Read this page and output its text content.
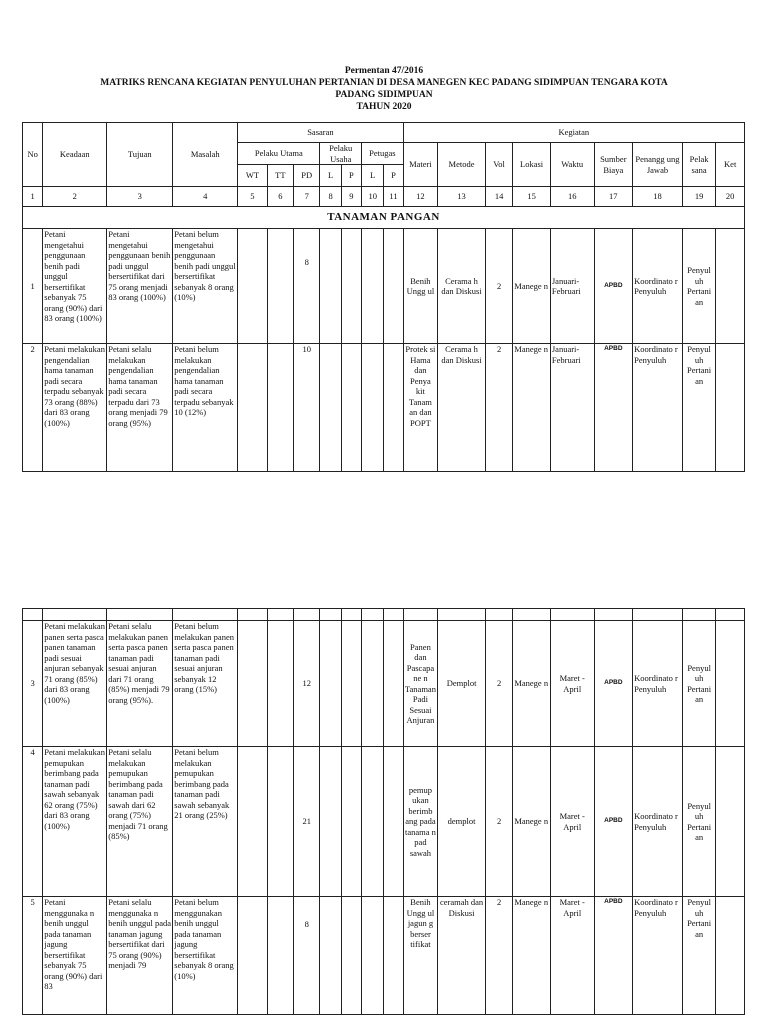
Permentan 47/2016
MATRIKS RENCANA KEGIATAN PENYULUHAN PERTANIAN DI DESA MANEGEN KEC PADANG SIDIMPUAN TENGARA KOTA
PADANG SIDIMPUAN
TAHUN 2020
No	Keadaan	Tujuan	Masalah	Sasaran							Kegiatan								
				Pelaku Utama			Pelaku Usaha		Petugas		Materi	Metode	Vol	Lokasi	Waktu	Sumber Biaya	Penangg ung Jawab	Pelak sana	Ket
				WT	TT	PD	L	P	L	P									
1	2	3	4	5	6	7	8	9	10	11	12	13	14	15	16	17	18	19	20
TANAMAN PANGAN																			
1	Petani mengetahui penggunaan benih padi unggul bersertifikat sebanyak 75 orang (90%) dari 83 orang (100%)	Petani mengetahui penggunaan benih padi unggul bersertifikat dari 75 orang menjadi 83 orang (100%)	Petani belum mengetahui penggunaan benih padi unggul bersertifikat sebanyak 8 orang (10%)			8					Benih Ungg ul	Cerama h dan Diskusi	2	Manege n	Januari-Februari	APBD	Koordinato r Penyuluh	Penyul uh Pertani an	
2	Petani melakukan pengendalian hama tanaman padi secara terpadu sebanyak 73 orang (88%) dari 83 orang (100%)	Petani selalu melakukan pengendalian hama tanaman padi secara terpadu dari 73 orang menjadi 79 orang (95%)	Petani belum melakukan pengendalian hama tanaman padi secara terpadu sebanyak 10 (12%)			10					Protek si Hama dan Penya kit Tanam an dan POPT	Cerama h dan Diskusi	2	Manege n	Januari-Februari	APBD	Koordinato r Penyuluh	Penyul uh Pertani an	

3	Petani melakukan panen serta pasca panen tanaman padi sesuai anjuran sebanyak 71 orang (85%) dari 83 orang (100%)	Petani selalu melakukan panen serta pasca panen tanaman padi sesuai anjuran dari 71 orang (85%) menjadi 79 orang (95%).	Petani belum melakukan panen serta pasca panen tanaman padi sesuai anjuran sebanyak 12 orang (15%)			12					Panen dan Pascapane n Tanaman Padi Sesuai Anjuran	Demplot	2	Manege n	Maret - April	APBD	Koordinato r Penyuluh	Penyul uh Pertani an	
4	Petani melakukan pemupukan berimbang pada tanaman padi sawah sebanyak 62 orang (75%) dari 83 orang (100%)	Petani selalu melakukan pemupukan berimbang pada tanaman padi sawah dari 62 orang (75%) menjadi 71 orang (85%)	Petani belum melakukan pemupukan berimbang pada tanaman padi sawah sebanyak 21 orang (25%)			21					pemup ukan berimb ang pada tanama n pad sawah	demplot	2	Manege n	Maret - April	APBD	Koordinato r Penyuluh	Penyul uh Pertani an	
5	Petani menggunaka n benih unggul pada tanaman jagung bersertifikat sebanyak 75 orang (90%) dari 83	Petani selalu menggunaka n benih unggul pada tanaman jagung bersertifikat dari 75 orang (90%) menjadi 79	Petani belum menggunakan benih unggul pada tanaman jagung bersertifikat sebanyak 8 orang (10%)			8					Benih Ungg ul jagun g berser tifikat	ceramah dan Diskusi	2	Manege n	Maret - April	APBD	Koordinato r Penyuluh	Penyul uh Pertani an	
